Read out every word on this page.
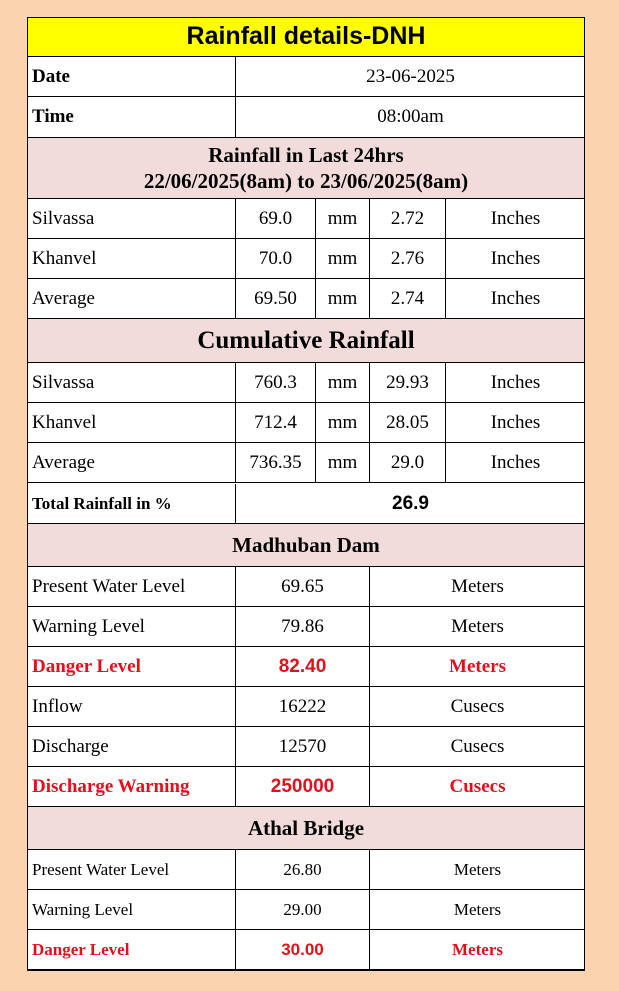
Rainfall details-DNH
Date	23-06-2025
Time	08:00am
Rainfall in Last 24hrs
22/06/2025(8am) to 23/06/2025(8am)
Silvassa	69.0	mm	2.72	Inches
Khanvel	70.0	mm	2.76	Inches
Average	69.50	mm	2.74	Inches
Cumulative Rainfall
Silvassa	760.3	mm	29.93	Inches
Khanvel	712.4	mm	28.05	Inches
Average	736.35	mm	29.0	Inches
Total Rainfall in %	26.9
Madhuban Dam
Present Water Level	69.65	Meters
Warning Level	79.86	Meters
Danger Level	82.40	Meters
Inflow	16222	Cusecs
Discharge	12570	Cusecs
Discharge Warning	250000	Cusecs
Athal Bridge
Present Water Level	26.80	Meters
Warning Level	29.00	Meters
Danger Level	30.00	Meters
